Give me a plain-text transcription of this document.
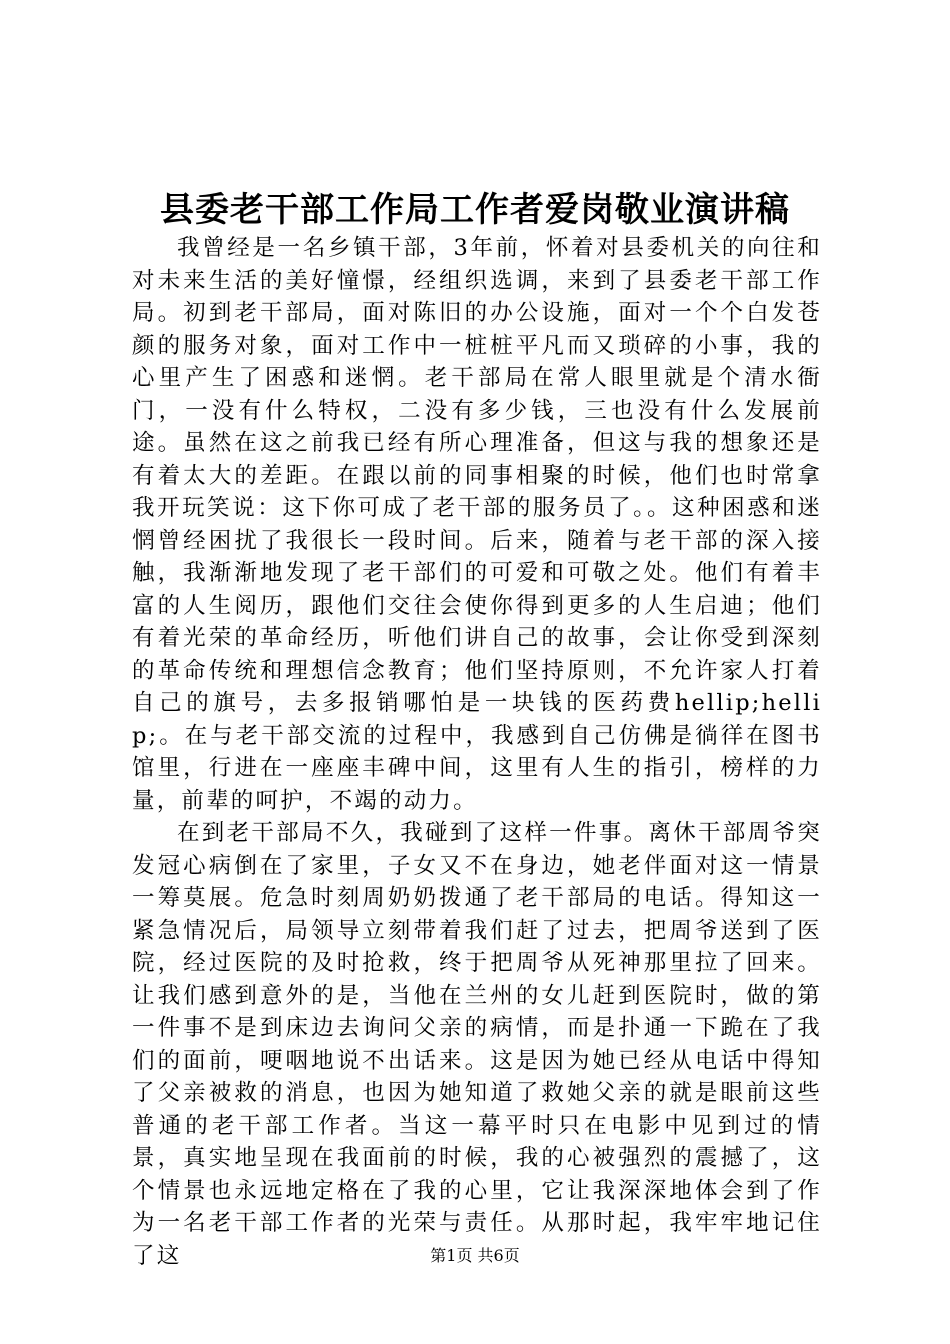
县委老干部工作局工作者爱岗敬业演讲稿

我曾经是一名乡镇干部，3年前，怀着对县委机关的向往和对未来生活的美好憧憬，经组织选调，来到了县委老干部工作局。初到老干部局，面对陈旧的办公设施，面对一个个白发苍颜的服务对象，面对工作中一桩桩平凡而又琐碎的小事，我的心里产生了困惑和迷惘。老干部局在常人眼里就是个清水衙门，一没有什么特权，二没有多少钱，三也没有什么发展前途。虽然在这之前我已经有所心理准备，但这与我的想象还是有着太大的差距。在跟以前的同事相聚的时候，他们也时常拿我开玩笑说：这下你可成了老干部的服务员了。。这种困惑和迷惘曾经困扰了我很长一段时间。后来，随着与老干部的深入接触，我渐渐地发现了老干部们的可爱和可敬之处。他们有着丰富的人生阅历，跟他们交往会使你得到更多的人生启迪；他们有着光荣的革命经历，听他们讲自己的故事，会让你受到深刻的革命传统和理想信念教育；他们坚持原则，不允许家人打着自己的旗号，去多报销哪怕是一块钱的医药费hellip;hellip;。在与老干部交流的过程中，我感到自己仿佛是徜徉在图书馆里，行进在一座座丰碑中间，这里有人生的指引，榜样的力量，前辈的呵护，不竭的动力。

在到老干部局不久，我碰到了这样一件事。离休干部周爷突发冠心病倒在了家里，子女又不在身边，她老伴面对这一情景一筹莫展。危急时刻周奶奶拨通了老干部局的电话。得知这一紧急情况后，局领导立刻带着我们赶了过去，把周爷送到了医院，经过医院的及时抢救，终于把周爷从死神那里拉了回来。让我们感到意外的是，当他在兰州的女儿赶到医院时，做的第一件事不是到床边去询问父亲的病情，而是扑通一下跪在了我们的面前，哽咽地说不出话来。这是因为她已经从电话中得知了父亲被救的消息，也因为她知道了救她父亲的就是眼前这些普通的老干部工作者。当这一幕平时只在电影中见到过的情景，真实地呈现在我面前的时候，我的心被强烈的震撼了，这个情景也永远地定格在了我的心里，它让我深深地体会到了作为一名老干部工作者的光荣与责任。从那时起，我牢牢地记住了这	第1页 共6页
